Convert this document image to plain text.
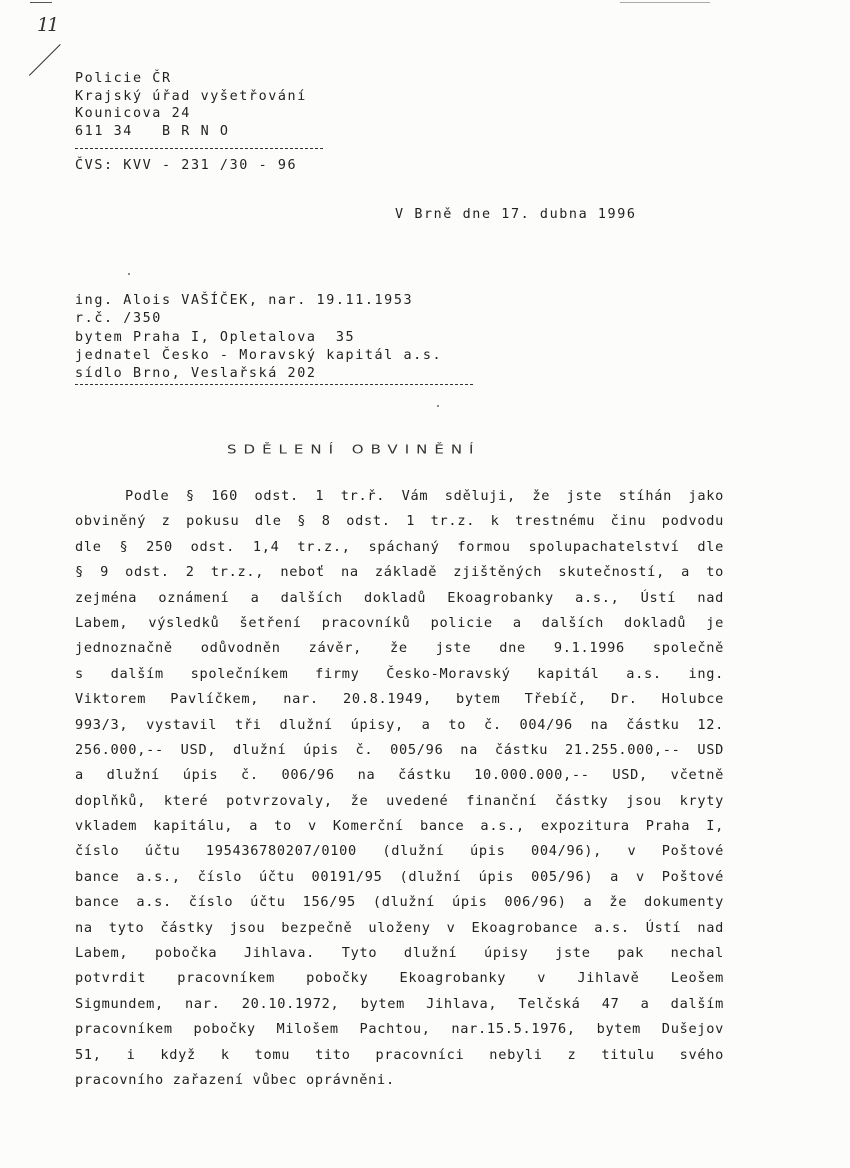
11
Policie ČR
Krajský úřad vyšetřování
Kounicova 24
611 34   B R N O
ČVS: KVV - 231 /30 - 96
V Brně dne 17. dubna 1996
ing. Alois VAŠÍČEK, nar. 19.11.1953
r.č. /350
bytem Praha I, Opletalova  35
jednatel Česko - Moravský kapitál a.s.
sídlo Brno, Veslařská 202
SDĚLENÍ OBVINĚNÍ
Podle § 160 odst. 1 tr.ř. Vám sděluji, že jste stíhán jako
obviněný z pokusu dle § 8 odst. 1 tr.z. k trestnému činu podvodu
dle § 250 odst. 1,4 tr.z., spáchaný formou spolupachatelství dle
§ 9 odst. 2 tr.z., neboť na základě zjištěných skutečností, a to
zejména oznámení a dalších dokladů Ekoagrobanky a.s., Ústí nad
Labem, výsledků šetření pracovníků policie a dalších dokladů je
jednoznačně odůvodněn závěr, že jste dne 9.1.1996 společně
s dalším společníkem firmy Česko-Moravský kapitál a.s. ing.
Viktorem Pavlíčkem, nar. 20.8.1949, bytem Třebíč, Dr. Holubce
993/3, vystavil tři dlužní úpisy, a to č. 004/96 na částku 12.
256.000,-- USD, dlužní úpis č. 005/96 na částku 21.255.000,-- USD
a dlužní úpis č. 006/96 na částku 10.000.000,-- USD, včetně
doplňků, které potvrzovaly, že uvedené finanční částky jsou kryty
vkladem kapitálu, a to v Komerční bance a.s., expozitura Praha I,
číslo účtu 195436780207/0100 (dlužní úpis 004/96), v Poštové
bance a.s., číslo účtu 00191/95 (dlužní úpis 005/96) a v Poštové
bance a.s. číslo účtu 156/95 (dlužní úpis 006/96) a že dokumenty
na tyto částky jsou bezpečně uloženy v Ekoagrobance a.s. Ústí nad
Labem, pobočka Jihlava. Tyto dlužní úpisy jste pak nechal
potvrdit pracovníkem pobočky Ekoagrobanky v Jihlavě Leošem
Sigmundem, nar. 20.10.1972, bytem Jihlava, Telčská 47 a dalším
pracovníkem pobočky Milošem Pachtou, nar.15.5.1976, bytem Dušejov
51, i když k tomu tito pracovníci nebyli z titulu svého
pracovního zařazení vůbec oprávněni.
